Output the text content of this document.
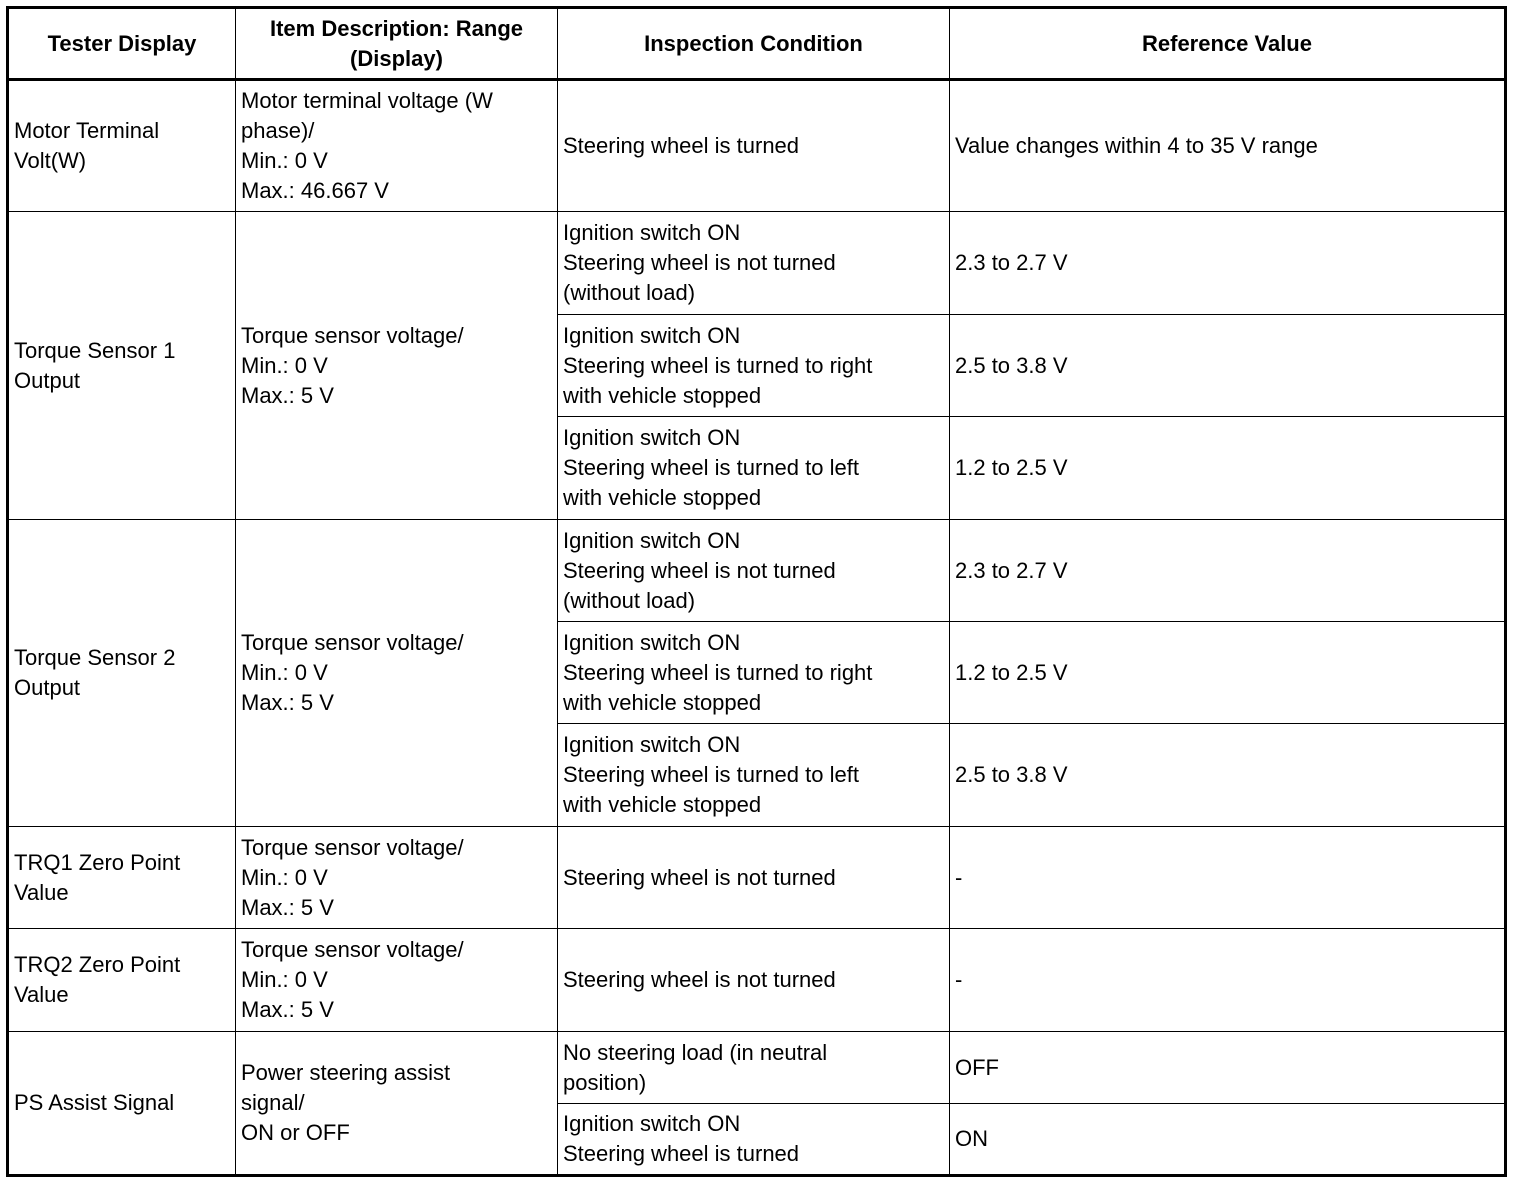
Tester Display	Item Description: Range
(Display)	Inspection Condition	Reference Value
Motor Terminal
Volt(W)	Motor terminal voltage (W
phase)/
Min.: 0 V
Max.: 46.667 V	Steering wheel is turned	Value changes within 4 to 35 V range
Torque Sensor 1
Output	Torque sensor voltage/
Min.: 0 V
Max.: 5 V	Ignition switch ON
Steering wheel is not turned
(without load)	2.3 to 2.7 V
		Ignition switch ON
Steering wheel is turned to right
with vehicle stopped	2.5 to 3.8 V
		Ignition switch ON
Steering wheel is turned to left
with vehicle stopped	1.2 to 2.5 V
Torque Sensor 2
Output	Torque sensor voltage/
Min.: 0 V
Max.: 5 V	Ignition switch ON
Steering wheel is not turned
(without load)	2.3 to 2.7 V
		Ignition switch ON
Steering wheel is turned to right
with vehicle stopped	1.2 to 2.5 V
		Ignition switch ON
Steering wheel is turned to left
with vehicle stopped	2.5 to 3.8 V
TRQ1 Zero Point
Value	Torque sensor voltage/
Min.: 0 V
Max.: 5 V	Steering wheel is not turned	-
TRQ2 Zero Point
Value	Torque sensor voltage/
Min.: 0 V
Max.: 5 V	Steering wheel is not turned	-
PS Assist Signal	Power steering assist
signal/
ON or OFF	No steering load (in neutral
position)	OFF
		Ignition switch ON
Steering wheel is turned	ON
